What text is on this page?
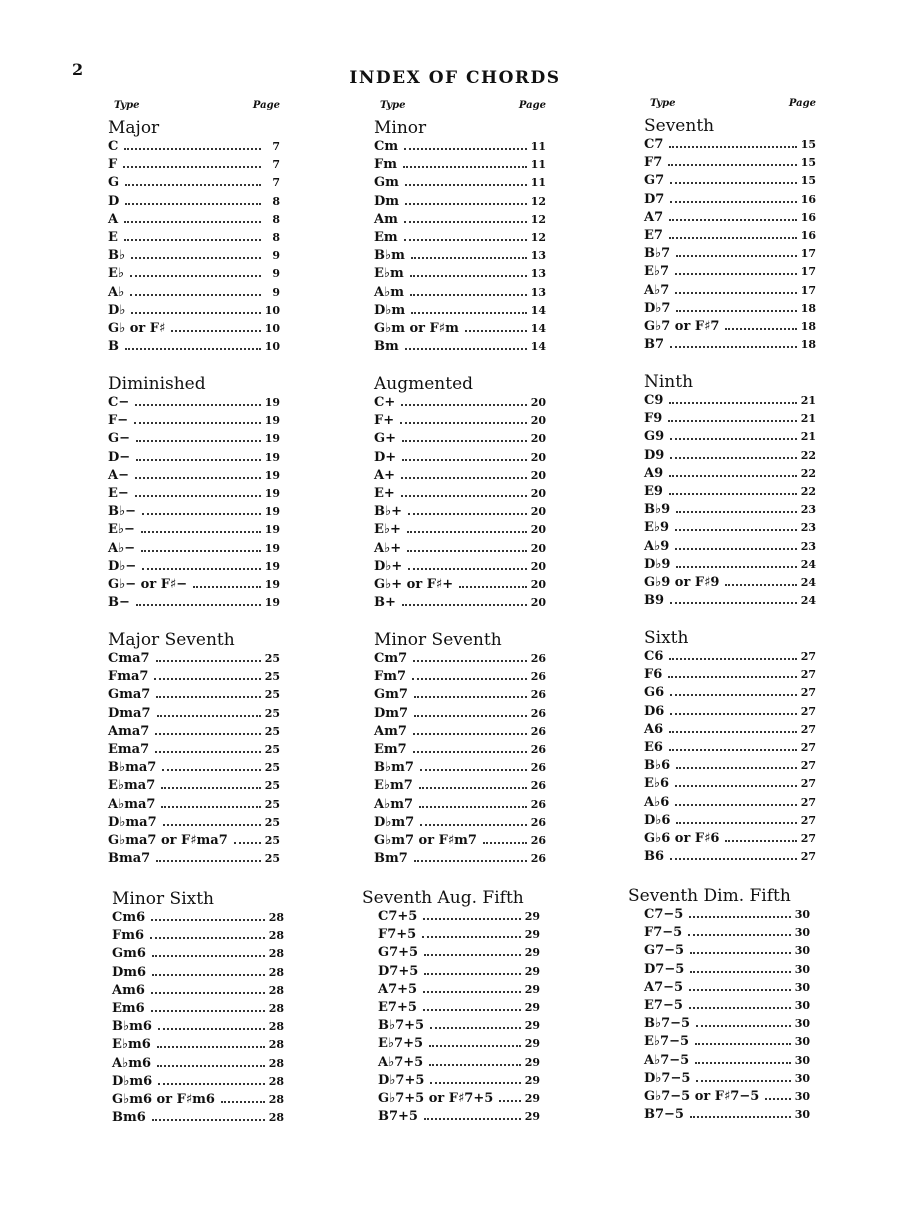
2	INDEX OF CHORDS
Type	Page	Type	Page	Type	Page
Major
C	7
F	7
G	7
D	8
A	8
E	8
B♭	9
E♭	9
A♭	9
D♭	10
G♭ or F♯	10
B	10
Minor
Cm	11
Fm	11
Gm	11
Dm	12
Am	12
Em	12
B♭m	13
E♭m	13
A♭m	13
D♭m	14
G♭m or F♯m	14
Bm	14
Seventh
C7	15
F7	15
G7	15
D7	16
A7	16
E7	16
B♭7	17
E♭7	17
A♭7	17
D♭7	18
G♭7 or F♯7	18
B7	18
Diminished
C−	19
F−	19
G−	19
D−	19
A−	19
E−	19
B♭−	19
E♭−	19
A♭−	19
D♭−	19
G♭− or F♯−	19
B−	19
Augmented
C+	20
F+	20
G+	20
D+	20
A+	20
E+	20
B♭+	20
E♭+	20
A♭+	20
D♭+	20
G♭+ or F♯+	20
B+	20
Ninth
C9	21
F9	21
G9	21
D9	22
A9	22
E9	22
B♭9	23
E♭9	23
A♭9	23
D♭9	24
G♭9 or F♯9	24
B9	24
Major Seventh
Cma7	25
Fma7	25
Gma7	25
Dma7	25
Ama7	25
Ema7	25
B♭ma7	25
E♭ma7	25
A♭ma7	25
D♭ma7	25
G♭ma7 or F♯ma7	25
Bma7	25
Minor Seventh
Cm7	26
Fm7	26
Gm7	26
Dm7	26
Am7	26
Em7	26
B♭m7	26
E♭m7	26
A♭m7	26
D♭m7	26
G♭m7 or F♯m7	26
Bm7	26
Sixth
C6	27
F6	27
G6	27
D6	27
A6	27
E6	27
B♭6	27
E♭6	27
A♭6	27
D♭6	27
G♭6 or F♯6	27
B6	27
Minor Sixth
Cm6	28
Fm6	28
Gm6	28
Dm6	28
Am6	28
Em6	28
B♭m6	28
E♭m6	28
A♭m6	28
D♭m6	28
G♭m6 or F♯m6	28
Bm6	28
Seventh Aug. Fifth
C7+5	29
F7+5	29
G7+5	29
D7+5	29
A7+5	29
E7+5	29
B♭7+5	29
E♭7+5	29
A♭7+5	29
D♭7+5	29
G♭7+5 or F♯7+5	29
B7+5	29
Seventh Dim. Fifth
C7−5	30
F7−5	30
G7−5	30
D7−5	30
A7−5	30
E7−5	30
B♭7−5	30
E♭7−5	30
A♭7−5	30
D♭7−5	30
G♭7−5 or F♯7−5	30
B7−5	30
